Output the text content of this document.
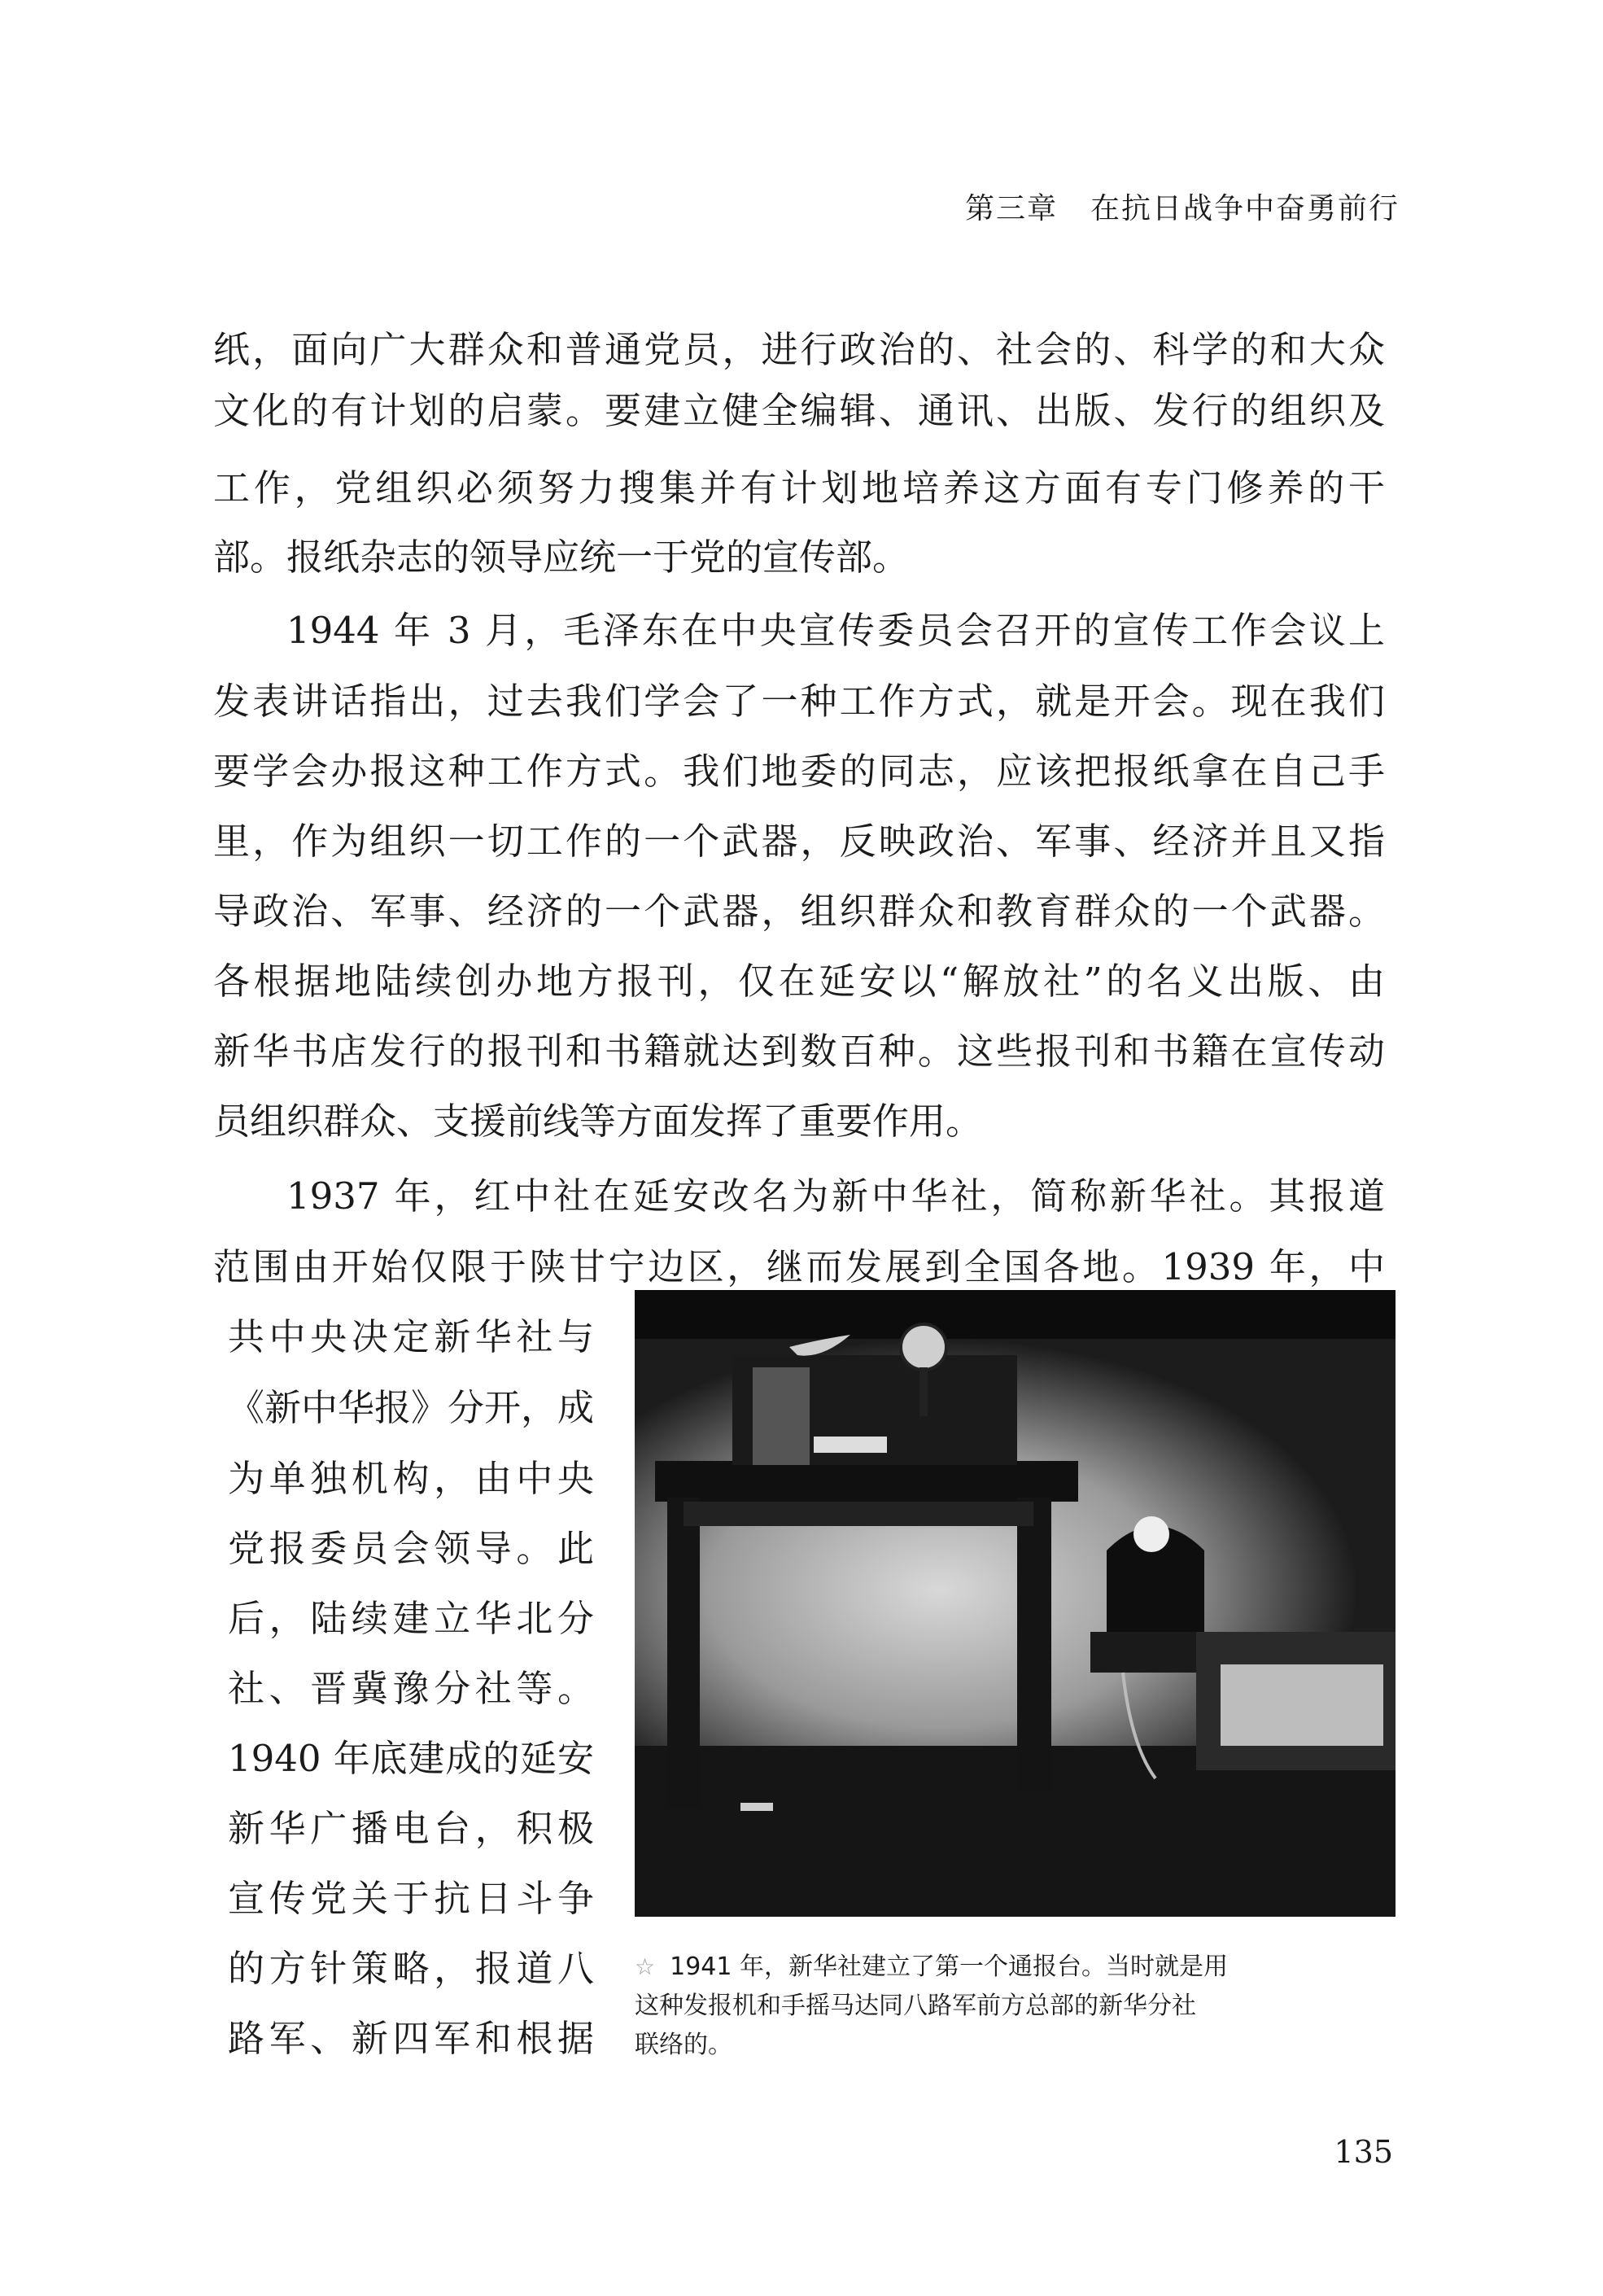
第三章 在抗日战争中奋勇前行
纸，面向广大群众和普通党员，进行政治的、社会的、科学的和大众
文化的有计划的启蒙。要建立健全编辑、通讯、出版、发行的组织及
工作，党组织必须努力搜集并有计划地培养这方面有专门修养的干
部。报纸杂志的领导应统一于党的宣传部。
1944 年 3 月，毛泽东在中央宣传委员会召开的宣传工作会议上
发表讲话指出，过去我们学会了一种工作方式，就是开会。现在我们
要学会办报这种工作方式。我们地委的同志，应该把报纸拿在自己手
里，作为组织一切工作的一个武器，反映政治、军事、经济并且又指
导政治、军事、经济的一个武器，组织群众和教育群众的一个武器。
各根据地陆续创办地方报刊，仅在延安以“解放社”的名义出版、由
新华书店发行的报刊和书籍就达到数百种。这些报刊和书籍在宣传动
员组织群众、支援前线等方面发挥了重要作用。
1937 年，红中社在延安改名为新中华社，简称新华社。其报道
范围由开始仅限于陕甘宁边区，继而发展到全国各地。1939 年，中
共中央决定新华社与
《新中华报》分开，成
为单独机构，由中央
党报委员会领导。此
后，陆续建立华北分
社、晋冀豫分社等。
1940 年底建成的延安
新华广播电台，积极
宣传党关于抗日斗争
的方针策略，报道八
路军、新四军和根据
☆ 1941 年，新华社建立了第一个通报台。当时就是用
这种发报机和手摇马达同八路军前方总部的新华分社
联络的。
135
